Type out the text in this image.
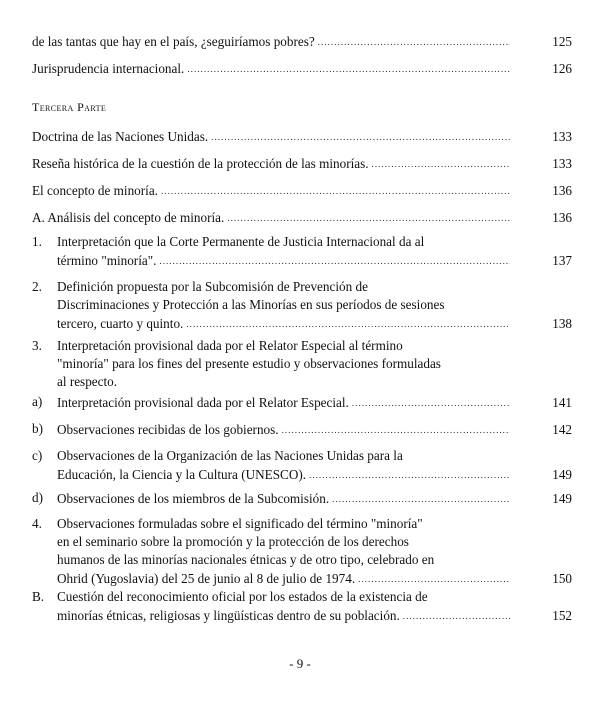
de las tantas que hay en el país, ¿seguiríamos pobres? . . .	125
Jurisprudencia internacional. . . .	126
Tercera Parte
Doctrina de las Naciones Unidas. . . .	133
Reseña histórica de la cuestión de la protección de las minorías. . . .	133
El concepto de minoría. . . .	136
A. Análisis del concepto de minoría. . . .	136
1.	Interpretación que la Corte Permanente de Justicia Internacional da al
término "minoría". . . .	137
2.	Definición propuesta por la Subcomisión de Prevención de
Discriminaciones y Protección a las Minorías en sus períodos de sesiones
tercero, cuarto y quinto. . . .	138
3.	Interpretación provisional dada por el Relator Especial al término
"minoría" para los fines del presente estudio y observaciones formuladas
al respecto.
a)	Interpretación provisional dada por el Relator Especial. . . .	141
b)	Observaciones recibidas de los gobiernos. . . .	142
c)	Observaciones de la Organización de las Naciones Unidas para la
Educación, la Ciencia y la Cultura (UNESCO). . . .	149
d)	Observaciones de los miembros de la Subcomisión. . . .	149
4.	Observaciones formuladas sobre el significado del término "minoría"
en el seminario sobre la promoción y la protección de los derechos
humanos de las minorías nacionales étnicas y de otro tipo, celebrado en
Ohrid (Yugoslavia) del 25 de junio al 8 de julio de 1974. . . .	150
B. Cuestión del reconocimiento oficial por los estados de la existencia de
minorías étnicas, religiosas y lingüísticas dentro de su población. . . .	152
- 9 -
